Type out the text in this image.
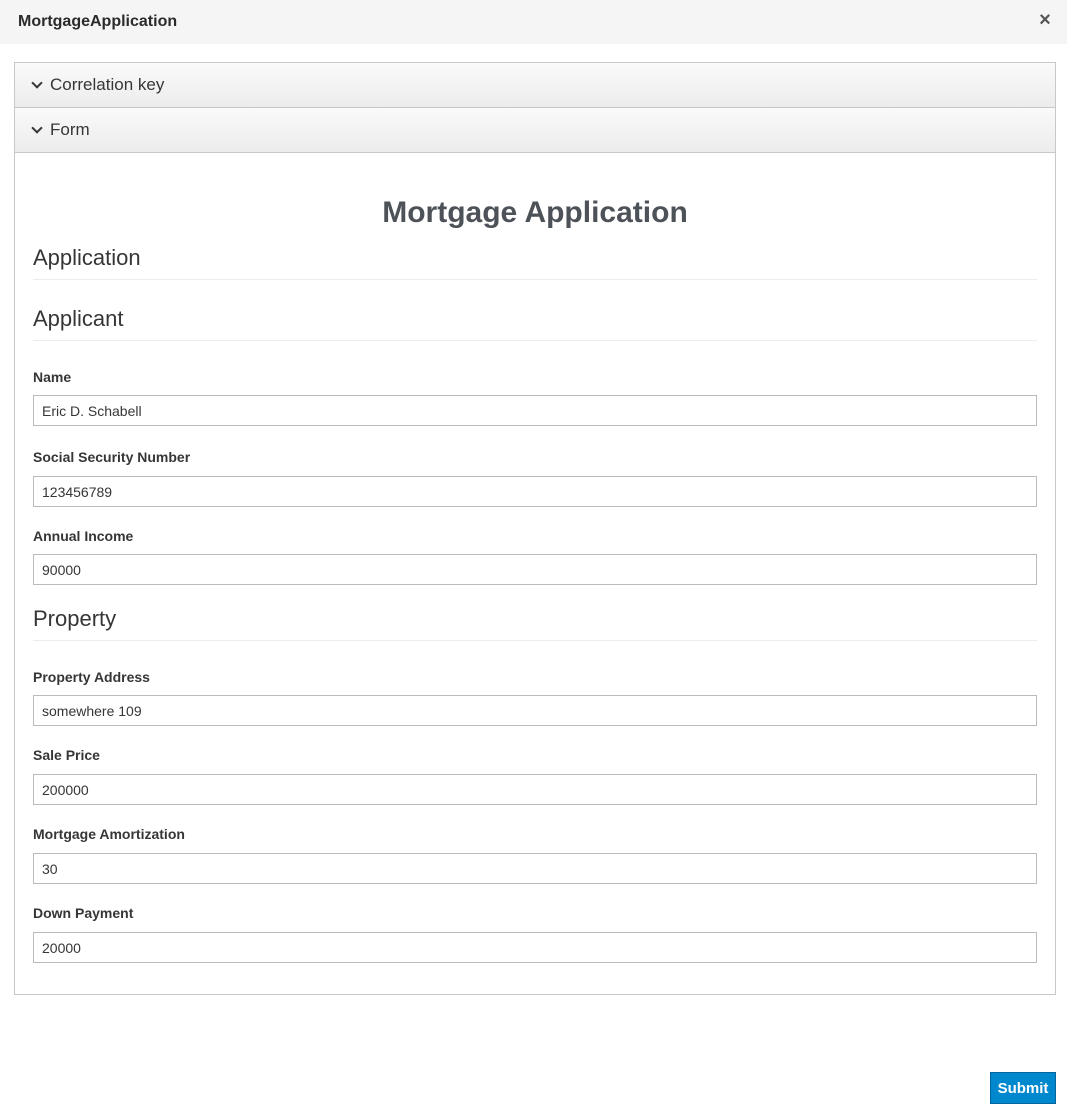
MortgageApplication	×
Correlation key
Form
Mortgage Application
Application
Applicant
Name
Eric D. Schabell
Social Security Number
123456789
Annual Income
90000
Property
Property Address
somewhere 109
Sale Price
200000
Mortgage Amortization
30
Down Payment
20000
Submit
